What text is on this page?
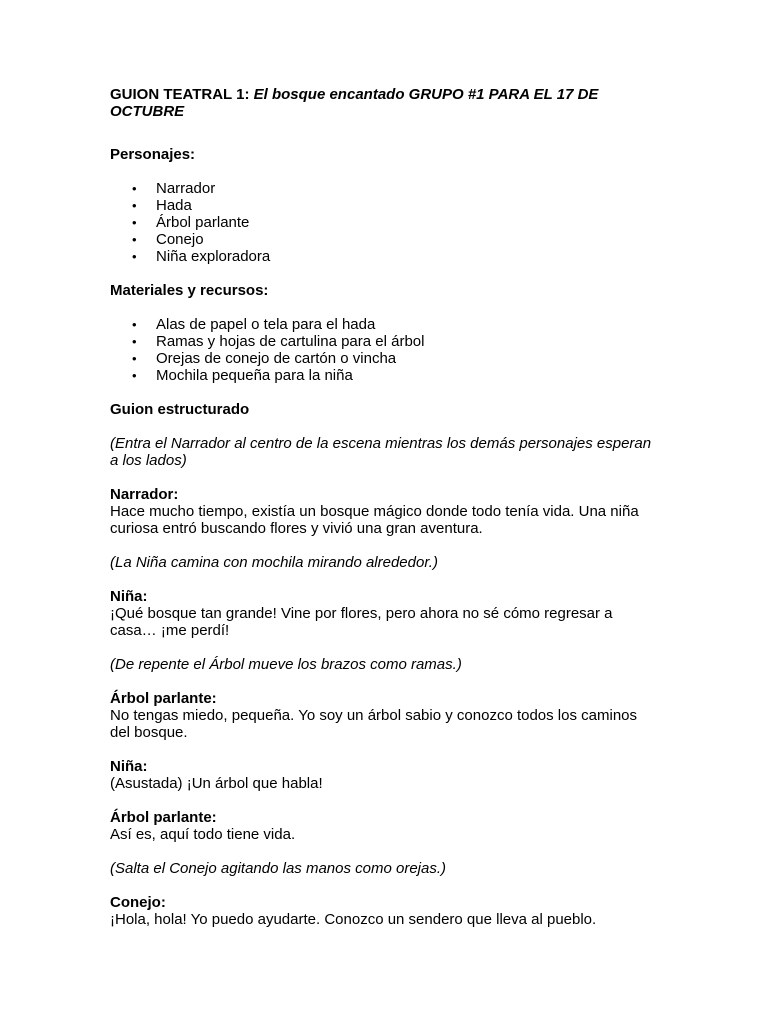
GUION TEATRAL 1: El bosque encantado GRUPO #1 PARA EL 17 DE OCTUBRE

Personajes:

• Narrador
• Hada
• Árbol parlante
• Conejo
• Niña exploradora

Materiales y recursos:

• Alas de papel o tela para el hada
• Ramas y hojas de cartulina para el árbol
• Orejas de conejo de cartón o vincha
• Mochila pequeña para la niña

Guion estructurado

(Entra el Narrador al centro de la escena mientras los demás personajes esperan a los lados)

Narrador:

Hace mucho tiempo, existía un bosque mágico donde todo tenía vida. Una niña curiosa entró buscando flores y vivió una gran aventura.

(La Niña camina con mochila mirando alrededor.)

Niña:

¡Qué bosque tan grande! Vine por flores, pero ahora no sé cómo regresar a casa… ¡me perdí!

(De repente el Árbol mueve los brazos como ramas.)

Árbol parlante:

No tengas miedo, pequeña. Yo soy un árbol sabio y conozco todos los caminos del bosque.

Niña:

(Asustada) ¡Un árbol que habla!

Árbol parlante:

Así es, aquí todo tiene vida.

(Salta el Conejo agitando las manos como orejas.)

Conejo:

¡Hola, hola! Yo puedo ayudarte. Conozco un sendero que lleva al pueblo.
